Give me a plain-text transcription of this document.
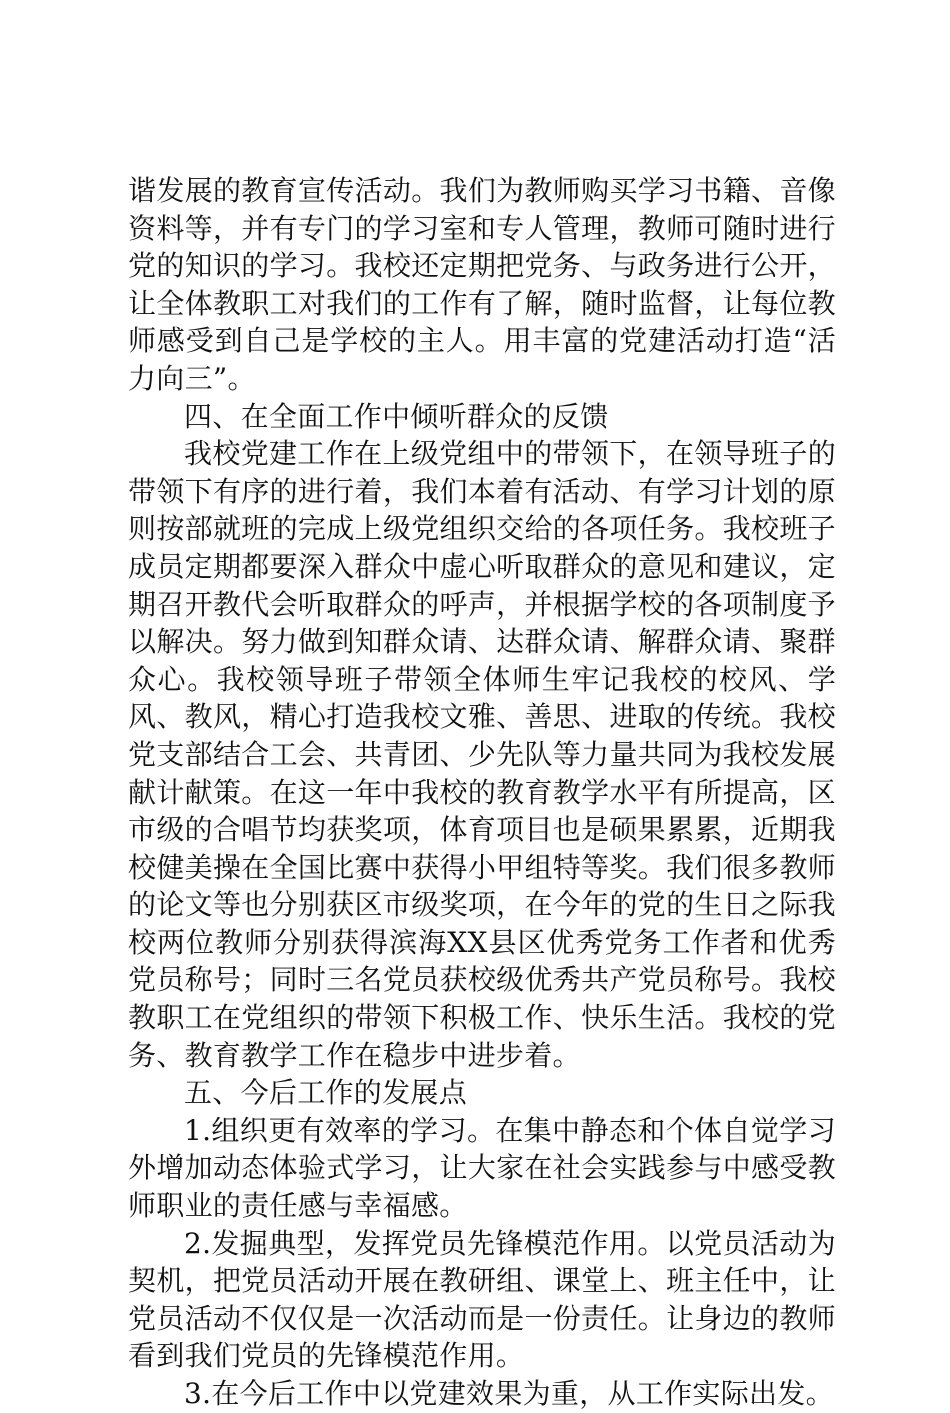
谐发展的教育宣传活动。我们为教师购买学习书籍、音像资料等，并有专门的学习室和专人管理，教师可随时进行党的知识的学习。我校还定期把党务、与政务进行公开，让全体教职工对我们的工作有了解，随时监督，让每位教师感受到自己是学校的主人。用丰富的党建活动打造“活力向三”。

四、在全面工作中倾听群众的反馈

我校党建工作在上级党组中的带领下，在领导班子的带领下有序的进行着，我们本着有活动、有学习计划的原则按部就班的完成上级党组织交给的各项任务。我校班子成员定期都要深入群众中虚心听取群众的意见和建议，定期召开教代会听取群众的呼声，并根据学校的各项制度予以解决。努力做到知群众请、达群众请、解群众请、聚群众心。我校领导班子带领全体师生牢记我校的校风、学风、教风，精心打造我校文雅、善思、进取的传统。我校党支部结合工会、共青团、少先队等力量共同为我校发展献计献策。在这一年中我校的教育教学水平有所提高，区市级的合唱节均获奖项，体育项目也是硕果累累，近期我校健美操在全国比赛中获得小甲组特等奖。我们很多教师的论文等也分别获区市级奖项，在今年的党的生日之际我校两位教师分别获得滨海XX县区优秀党务工作者和优秀党员称号；同时三名党员获校级优秀共产党员称号。我校教职工在党组织的带领下积极工作、快乐生活。我校的党务、教育教学工作在稳步中进步着。

五、今后工作的发展点

1.组织更有效率的学习。在集中静态和个体自觉学习外增加动态体验式学习，让大家在社会实践参与中感受教师职业的责任感与幸福感。

2.发掘典型，发挥党员先锋模范作用。以党员活动为契机，把党员活动开展在教研组、课堂上、班主任中，让党员活动不仅仅是一次活动而是一份责任。让身边的教师看到我们党员的先锋模范作用。

3.在今后工作中以党建效果为重，从工作实际出发。
